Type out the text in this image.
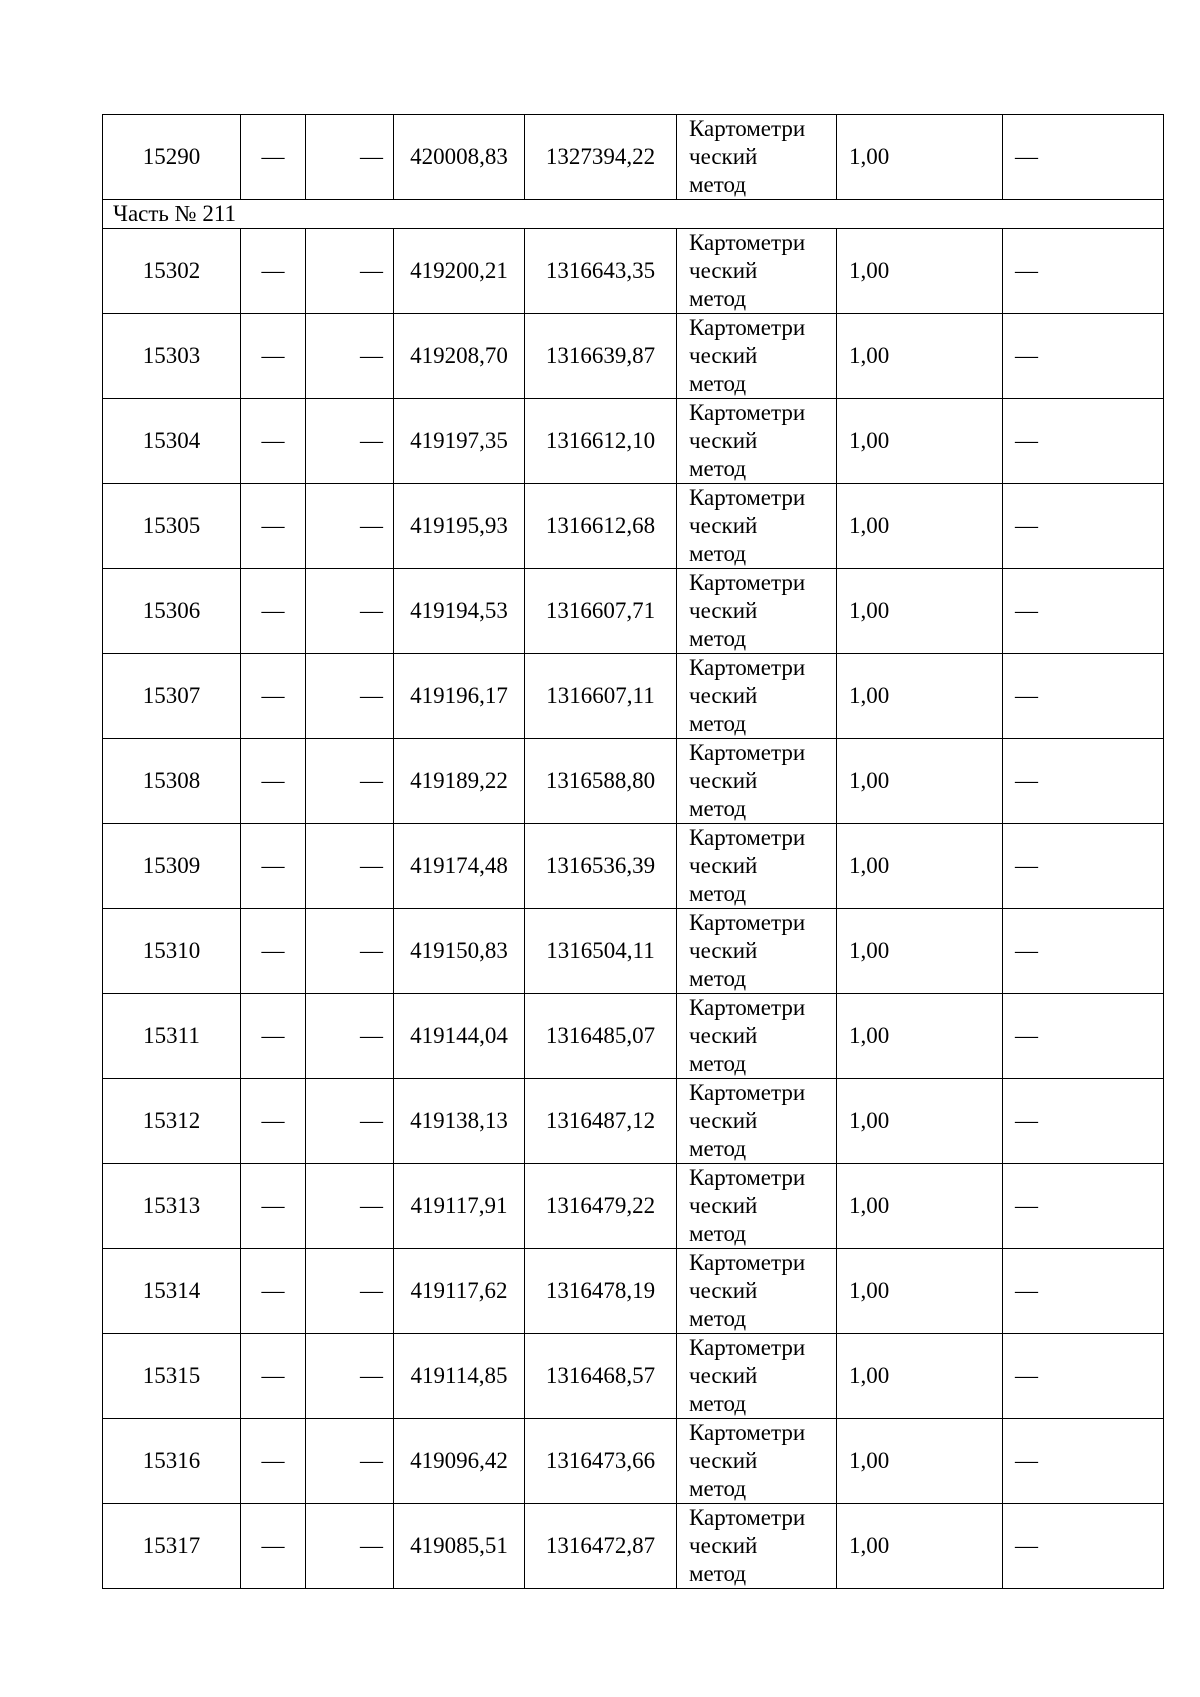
15290	—	—	420008,83	1327394,22	Картометри
ческий
метод	1,00	—
Часть № 211							
15302	—	—	419200,21	1316643,35	Картометри
ческий
метод	1,00	—
15303	—	—	419208,70	1316639,87	Картометри
ческий
метод	1,00	—
15304	—	—	419197,35	1316612,10	Картометри
ческий
метод	1,00	—
15305	—	—	419195,93	1316612,68	Картометри
ческий
метод	1,00	—
15306	—	—	419194,53	1316607,71	Картометри
ческий
метод	1,00	—
15307	—	—	419196,17	1316607,11	Картометри
ческий
метод	1,00	—
15308	—	—	419189,22	1316588,80	Картометри
ческий
метод	1,00	—
15309	—	—	419174,48	1316536,39	Картометри
ческий
метод	1,00	—
15310	—	—	419150,83	1316504,11	Картометри
ческий
метод	1,00	—
15311	—	—	419144,04	1316485,07	Картометри
ческий
метод	1,00	—
15312	—	—	419138,13	1316487,12	Картометри
ческий
метод	1,00	—
15313	—	—	419117,91	1316479,22	Картометри
ческий
метод	1,00	—
15314	—	—	419117,62	1316478,19	Картометри
ческий
метод	1,00	—
15315	—	—	419114,85	1316468,57	Картометри
ческий
метод	1,00	—
15316	—	—	419096,42	1316473,66	Картометри
ческий
метод	1,00	—
15317	—	—	419085,51	1316472,87	Картометри
ческий
метод	1,00	—
